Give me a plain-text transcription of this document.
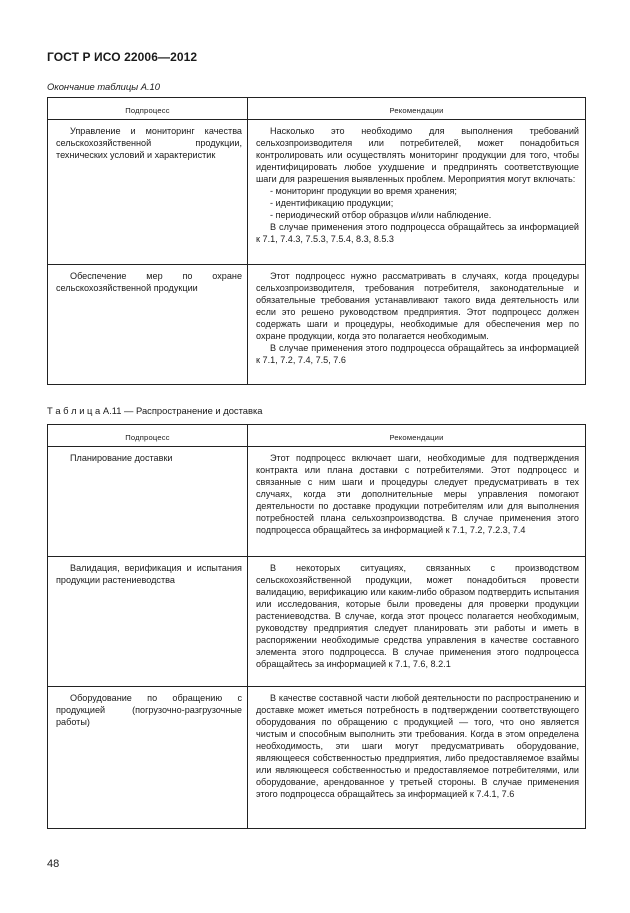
ГОСТ Р ИСО 22006—2012
Окончание таблицы А.10
Подпроцесс	Рекомендации

Управление и мониторинг качества сельскохозяйственной продукции, технических условий и характеристик	Насколько это необходимо для выполнения требований сельхозпроизводителя или потребителей, может понадобиться контролировать или осуществлять мониторинг продукции для того, чтобы идентифицировать любое ухудшение и предпринять соответствующие шаги для разрешения выявленных проблем. Мероприятия могут включать:

- мониторинг продукции во время хранения;

- идентификацию продукции;

- периодический отбор образцов и/или наблюдение.

В случае применения этого подпроцесса обращайтесь за информацией к 7.1, 7.4.3, 7.5.3, 7.5.4, 8.3, 8.5.3

Обеспечение мер по охране сельскохозяйственной продукции	Этот подпроцесс нужно рассматривать в случаях, когда процедуры сельхозпроизводителя, требования потребителя, законодательные и обязательные требования устанавливают такого вида деятельность или если это решено руководством предприятия. Этот подпроцесс должен содержать шаги и процедуры, необходимые для обеспечения мер по охране продукции, когда это полагается необходимым.

В случае применения этого подпроцесса обращайтесь за информацией к 7.1, 7.2, 7.4, 7.5, 7.6

Т а б л и ц а А.11 — Распространение и доставка
Подпроцесс	Рекомендации

Планирование доставки	Этот подпроцесс включает шаги, необходимые для подтверждения контракта или плана доставки с потребителями. Этот подпроцесс и связанные с ним шаги и процедуры следует предусматривать в тех случаях, когда эти дополнительные меры управления помогают деятельности по доставке продукции потребителям или для выполнения потребностей плана сельхозпроизводства. В случае применения этого подпроцесса обращайтесь за информацией к 7.1, 7.2, 7.2.3, 7.4

Валидация, верификация и испытания продукции растениеводства	В некоторых ситуациях, связанных с производством сельскохозяйственной продукции, может понадобиться провести валидацию, верификацию или каким-либо образом подтвердить испытания или исследования, которые были проведены для проверки продукции растениеводства. В случае, когда этот процесс полагается необходимым, руководству предприятия следует планировать эти работы и иметь в распоряжении необходимые средства управления в качестве составного элемента этого подпроцесса. В случае применения этого подпроцесса обращайтесь за информацией к 7.1, 7.6, 8.2.1

Оборудование по обращению с продукцией (погрузочно-разгрузочные работы)	В качестве составной части любой деятельности по распространению и доставке может иметься потребность в подтверждении соответствующего оборудования по обращению с продукцией — того, что оно является чистым и способным выполнить эти требования. Когда в этом определена необходимость, эти шаги могут предусматривать оборудование, являющееся собственностью предприятия, либо предоставляемое взаймы или являющееся собственностью и предоставляемое потребителями, или оборудование, арендованное у третьей стороны. В случае применения этого подпроцесса обращайтесь за информацией к 7.4.1, 7.6

48
